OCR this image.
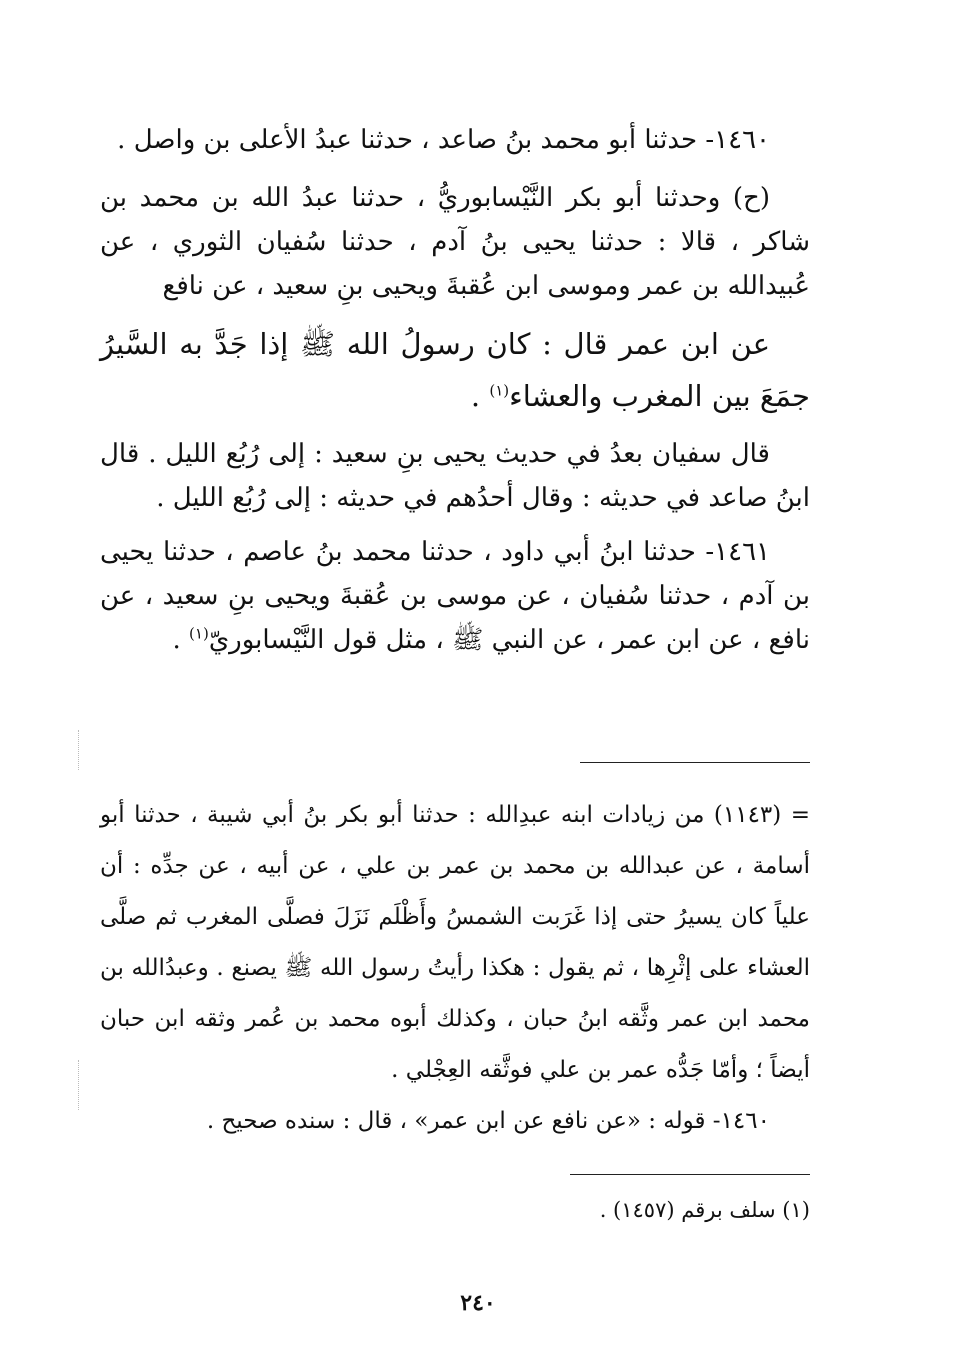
١٤٦٠- حدثنا أبو محمد بنُ صاعد ، حدثنا عبدُ الأعلى بن واصل .

(ح) وحدثنا أبو بكر النَّيْسابوريُّ ، حدثنا عبدُ الله بن محمد بن شاكر ، قالا : حدثنا يحيى بنُ آدم ، حدثنا سُفيان الثوري ، عن عُبيدالله بن عمر وموسى ابن عُقبةَ ويحيى بنِ سعيد ، عن نافع

عن ابن عمر قال : كان رسولُ الله ﷺ إذا جَدَّ به السَّيرُ جمَعَ بين المغرب والعشاء$^{(١)}$ .

قال سفيان بعدُ في حديث يحيى بنِ سعيد : إلى رُبُع الليل . قال ابنُ صاعد في حديثه : وقال أحدُهم في حديثه : إلى رُبُع الليل .

١٤٦١- حدثنا ابنُ أبي داود ، حدثنا محمد بنُ عاصم ، حدثنا يحيى بن آدم ، حدثنا سُفيان ، عن موسى بن عُقبةَ ويحيى بنِ سعيد ، عن نافع ، عن ابن عمر ، عن النبي ﷺ ، مثل قول النَّيْسابوريّ$^{(١)}$ .

= (١١٤٣) من زيادات ابنه عبدِالله : حدثنا أبو بكر بنُ أبي شيبة ، حدثنا أبو أسامة ، عن عبدالله بن محمد بن عمر بن علي ، عن أبيه ، عن جدِّه : أن علياً كان يسيرُ حتى إذا غَرَبت الشمسُ وأَظْلَم نَزَلَ فصلَّى المغرب ثم صلَّى العشاء على إثْرِها ، ثم يقول : هكذا رأيتُ رسول الله ﷺ يصنع . وعبدُالله بن محمد ابن عمر وثَّقه ابنُ حبان ، وكذلك أبوه محمد بن عُمر وثقه ابن حبان أيضاً ؛ وأمّا جَدُّه عمر بن علي فوثَّقه العِجْلي .

١٤٦٠- قوله : «عن نافع عن ابن عمر» ، قال : سنده صحيح .

(١) سلف برقم (١٤٥٧) .

٢٤٠
